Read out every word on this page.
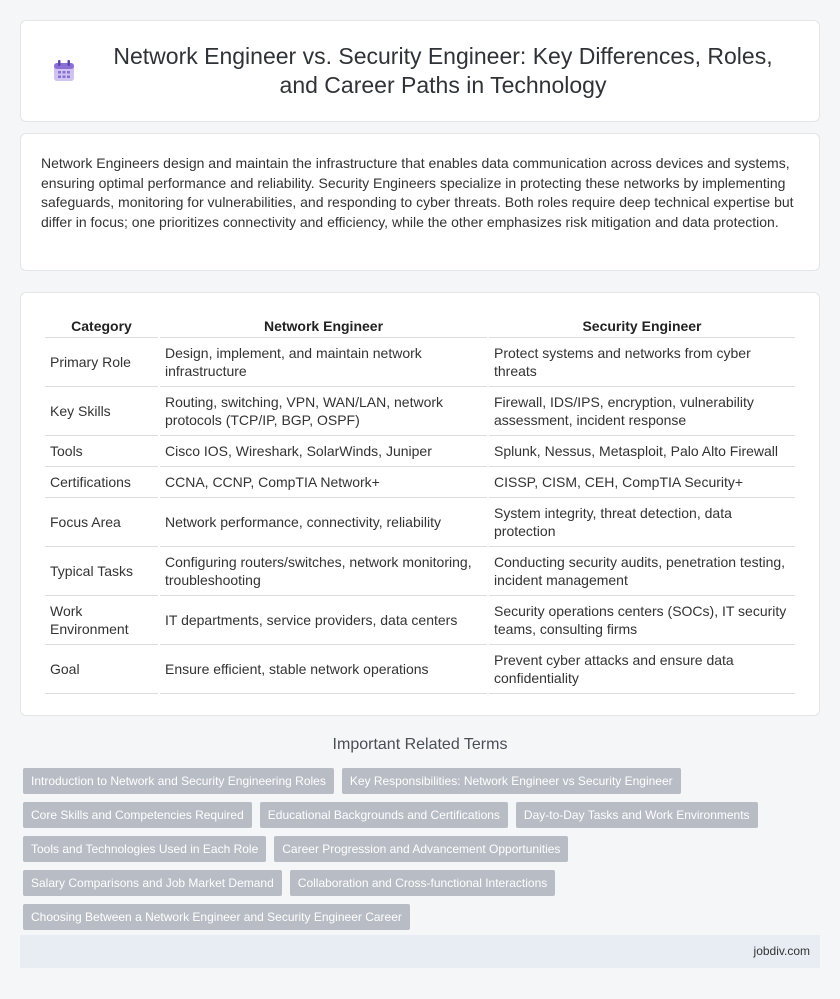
Network Engineer vs. Security Engineer: Key Differences, Roles, and Career Paths in Technology

Network Engineers design and maintain the infrastructure that enables data communication across devices and systems, ensuring optimal performance and reliability. Security Engineers specialize in protecting these networks by implementing safeguards, monitoring for vulnerabilities, and responding to cyber threats. Both roles require deep technical expertise but differ in focus; one prioritizes connectivity and efficiency, while the other emphasizes risk mitigation and data protection.

Category	Network Engineer	Security Engineer
Primary Role	Design, implement, and maintain network infrastructure	Protect systems and networks from cyber threats
Key Skills	Routing, switching, VPN, WAN/LAN, network protocols (TCP/IP, BGP, OSPF)	Firewall, IDS/IPS, encryption, vulnerability assessment, incident response
Tools	Cisco IOS, Wireshark, SolarWinds, Juniper	Splunk, Nessus, Metasploit, Palo Alto Firewall
Certifications	CCNA, CCNP, CompTIA Network+	CISSP, CISM, CEH, CompTIA Security+
Focus Area	Network performance, connectivity, reliability	System integrity, threat detection, data protection
Typical Tasks	Configuring routers/switches, network monitoring, troubleshooting	Conducting security audits, penetration testing, incident management
Work Environment	IT departments, service providers, data centers	Security operations centers (SOCs), IT security teams, consulting firms
Goal	Ensure efficient, stable network operations	Prevent cyber attacks and ensure data confidentiality
Important Related Terms
Introduction to Network and Security Engineering Roles	Key Responsibilities: Network Engineer vs Security Engineer
Core Skills and Competencies Required	Educational Backgrounds and Certifications	Day-to-Day Tasks and Work Environments
Tools and Technologies Used in Each Role	Career Progression and Advancement Opportunities
Salary Comparisons and Job Market Demand	Collaboration and Cross-functional Interactions
Choosing Between a Network Engineer and Security Engineer Career
jobdiv.com
